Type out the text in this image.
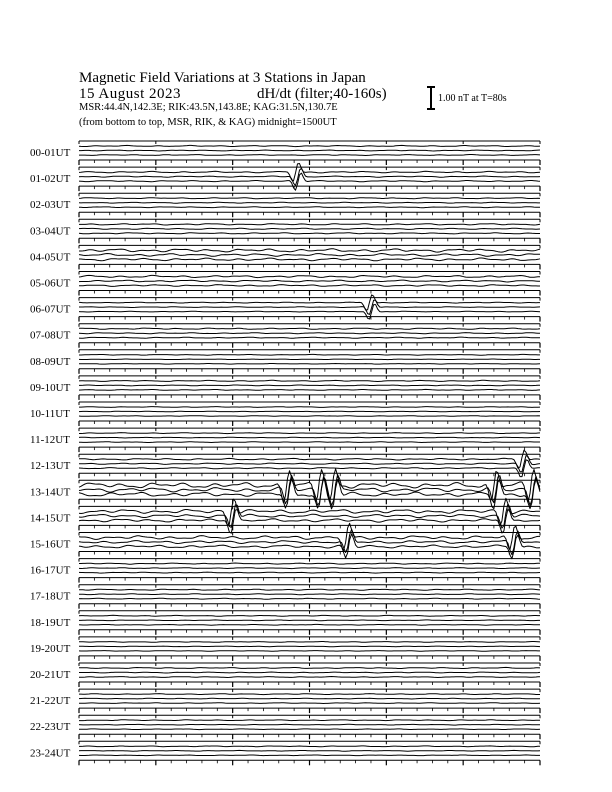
Magnetic Field Variations at 3 Stations in Japan
15 August 2023	dH/dt (filter;40-160s)
MSR:44.4N,142.3E; RIK:43.5N,143.8E; KAG:31.5N,130.7E
(from bottom to top, MSR, RIK, & KAG) midnight=1500UT
1.00 nT at T=80s
00-01UT
01-02UT
02-03UT
03-04UT
04-05UT
05-06UT
06-07UT
07-08UT
08-09UT
09-10UT
10-11UT
11-12UT
12-13UT
13-14UT
14-15UT
15-16UT
16-17UT
17-18UT
18-19UT
19-20UT
20-21UT
21-22UT
22-23UT
23-24UT
